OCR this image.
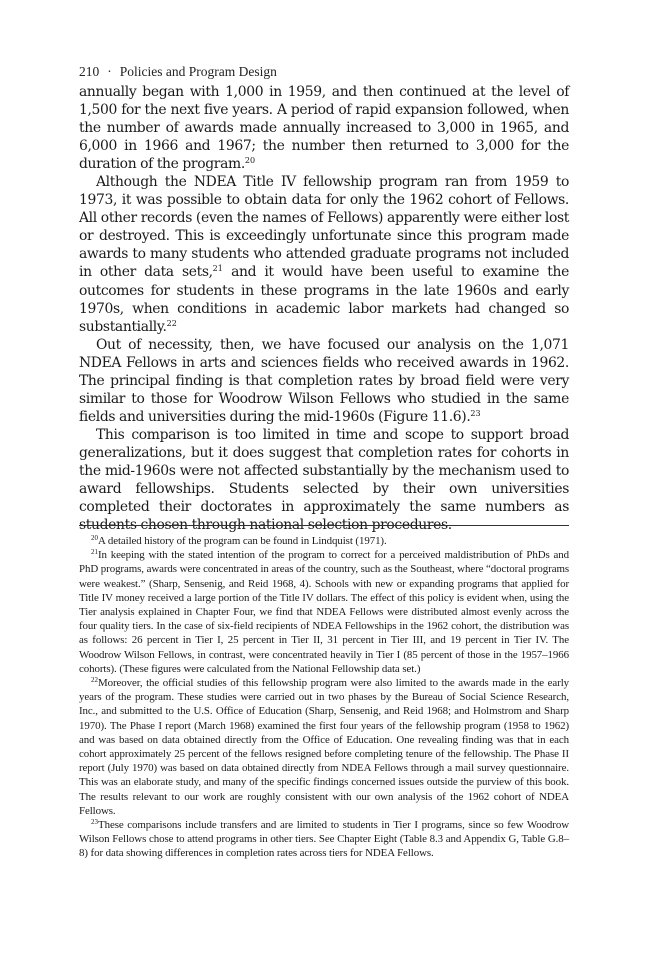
210 · Policies and Program Design

annually began with 1,000 in 1959, and then continued at the level of 1,500 for the next five years. A period of rapid expansion followed, when the number of awards made annually increased to 3,000 in 1965, and 6,000 in 1966 and 1967; the number then returned to 3,000 for the duration of the program.$^{20}$

Although the NDEA Title IV fellowship program ran from 1959 to 1973, it was possible to obtain data for only the 1962 cohort of Fellows. All other records (even the names of Fellows) apparently were either lost or destroyed. This is exceedingly unfortunate since this program made awards to many students who attended graduate programs not included in other data sets,$^{21}$ and it would have been useful to examine the outcomes for students in these programs in the late 1960s and early 1970s, when conditions in academic labor markets had changed so substantially.$^{22}$

Out of necessity, then, we have focused our analysis on the 1,071 NDEA Fellows in arts and sciences fields who received awards in 1962. The principal finding is that completion rates by broad field were very similar to those for Woodrow Wilson Fellows who studied in the same fields and universities during the mid-1960s (Figure 11.6).$^{23}$

This comparison is too limited in time and scope to support broad generalizations, but it does suggest that completion rates for cohorts in the mid-1960s were not affected substantially by the mechanism used to award fellowships. Students selected by their own universities completed their doctorates in approximately the same numbers as students chosen through national selection procedures.

$^{20}$A detailed history of the program can be found in Lindquist (1971).

$^{21}$In keeping with the stated intention of the program to correct for a perceived maldistribution of PhDs and PhD programs, awards were concentrated in areas of the country, such as the Southeast, where “doctoral programs were weakest.” (Sharp, Sensenig, and Reid 1968, 4). Schools with new or expanding programs that applied for Title IV money received a large portion of the Title IV dollars. The effect of this policy is evident when, using the Tier analysis explained in Chapter Four, we find that NDEA Fellows were distributed almost evenly across the four quality tiers. In the case of six-field recipients of NDEA Fellowships in the 1962 cohort, the distribution was as follows: 26 percent in Tier I, 25 percent in Tier II, 31 percent in Tier III, and 19 percent in Tier IV. The Woodrow Wilson Fellows, in contrast, were concentrated heavily in Tier I (85 percent of those in the 1957–1966 cohorts). (These figures were calculated from the National Fellowship data set.)

$^{22}$Moreover, the official studies of this fellowship program were also limited to the awards made in the early years of the program. These studies were carried out in two phases by the Bureau of Social Science Research, Inc., and submitted to the U.S. Office of Education (Sharp, Sensenig, and Reid 1968; and Holmstrom and Sharp 1970). The Phase I report (March 1968) examined the first four years of the fellowship program (1958 to 1962) and was based on data obtained directly from the Office of Education. One revealing finding was that in each cohort approximately 25 percent of the fellows resigned before completing tenure of the fellowship. The Phase II report (July 1970) was based on data obtained directly from NDEA Fellows through a mail survey questionnaire. This was an elaborate study, and many of the specific findings concerned issues outside the purview of this book. The results relevant to our work are roughly consistent with our own analysis of the 1962 cohort of NDEA Fellows.

$^{23}$These comparisons include transfers and are limited to students in Tier I programs, since so few Woodrow Wilson Fellows chose to attend programs in other tiers. See Chapter Eight (Table 8.3 and Appendix G, Table G.8–8) for data showing differences in completion rates across tiers for NDEA Fellows.
